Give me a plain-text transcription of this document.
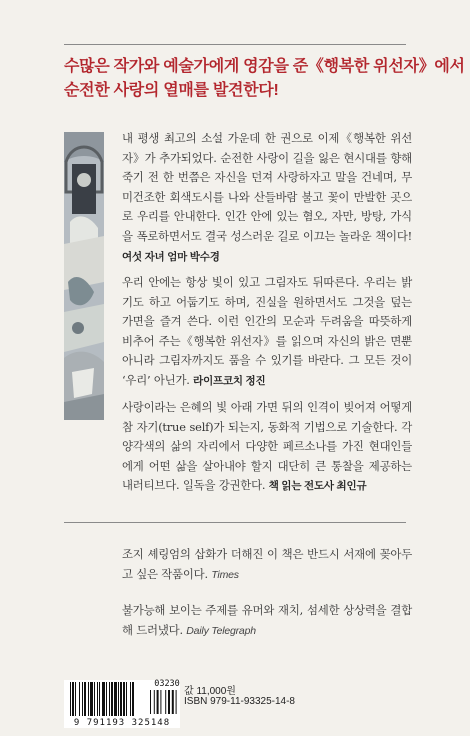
수많은 작가와 예술가에게 영감을 준《행복한 위선자》에서
순전한 사랑의 열매를 발견한다!
내 평생 최고의 소설 가운데 한 권으로 이제《행복한 위선자》가 추가되었다. 순전한 사랑이 길을 잃은 현시대를 향해 죽기 전 한 번쯤은 자신을 던져 사랑하자고 말을 건네며, 무미건조한 회색도시를 나와 산들바람 불고 꽃이 만발한 곳으로 우리를 안내한다. 인간 안에 있는 혐오, 자만, 방탕, 가식을 폭로하면서도 결국 성스러운 길로 이끄는 놀라운 책이다! 여섯 자녀 엄마 박수경
우리 안에는 항상 빛이 있고 그림자도 뒤따른다. 우리는 밝기도 하고 어둡기도 하며, 진실을 원하면서도 그것을 덮는 가면을 즐겨 쓴다. 이런 인간의 모순과 두려움을 따뜻하게 비추어 주는《행복한 위선자》를 읽으며 자신의 밝은 면뿐 아니라 그림자까지도 품을 수 있기를 바란다. 그 모든 것이 ‘우리’ 아닌가. 라이프코치 정진
사랑이라는 은혜의 빛 아래 가면 뒤의 인격이 빚어져 어떻게 참 자기(true self)가 되는지, 동화적 기법으로 기술한다. 각양각색의 삶의 자리에서 다양한 페르소나를 가진 현대인들에게 어떤 삶을 살아내야 할지 대단히 큰 통찰을 제공하는 내러티브다. 일독을 강권한다. 책 읽는 전도사 최인규
조지 셰링엄의 삽화가 더해진 이 책은 반드시 서재에 꽂아두고 싶은 작품이다. Times
불가능해 보이는 주제를 유머와 재치, 섬세한 상상력을 결합해 드러냈다. Daily Telegraph
9 791193 325148
03230
값 11,000원
ISBN 979-11-93325-14-8
